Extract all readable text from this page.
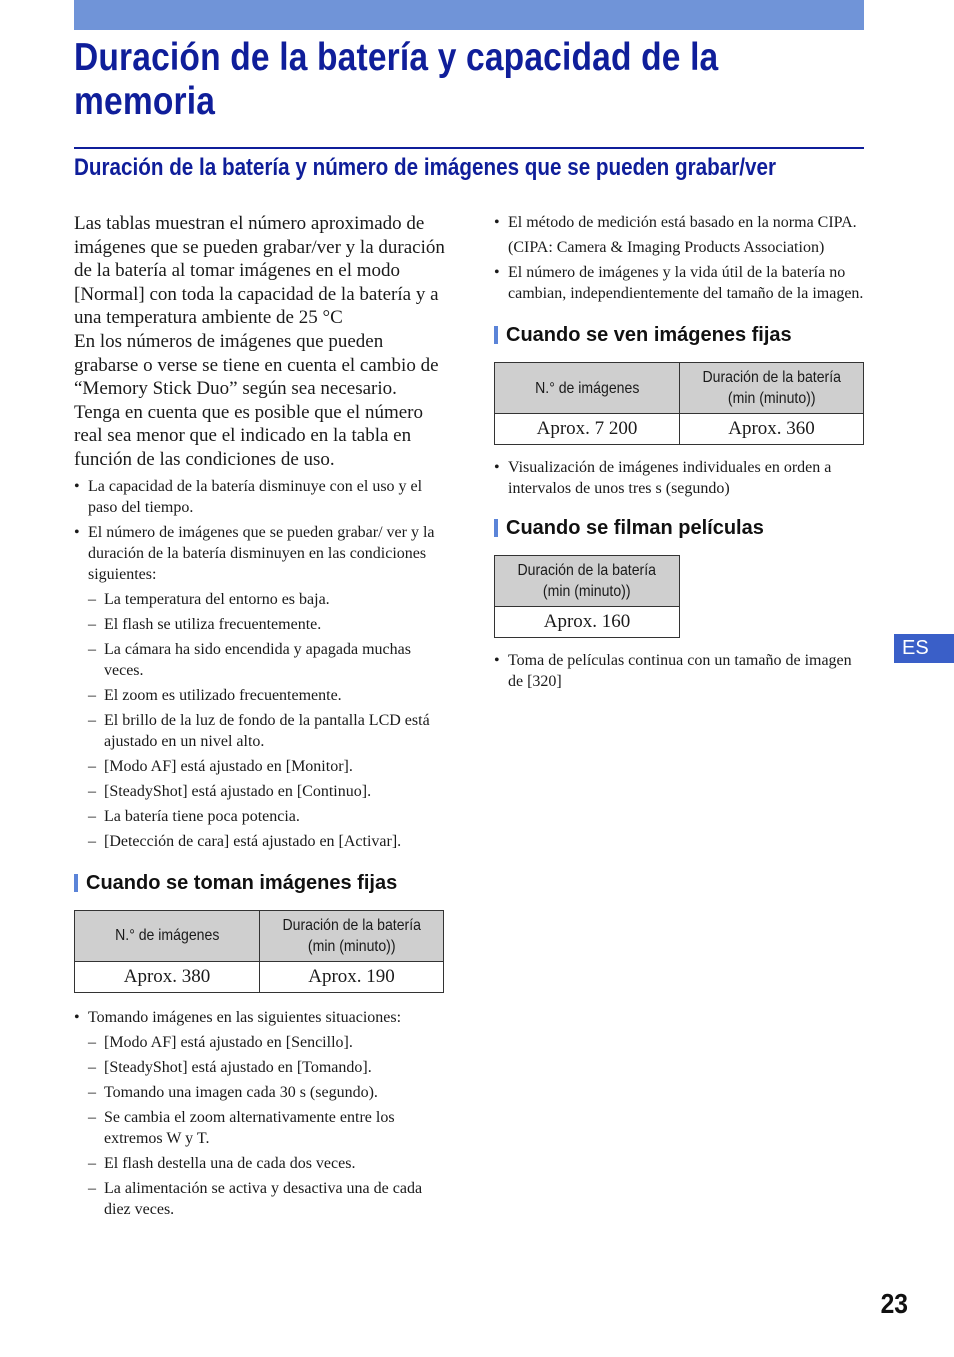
Duración de la batería y capacidad de la memoria
Duración de la batería y número de imágenes que se pueden grabar/ver

Las tablas muestran el número aproximado de imágenes que se pueden grabar/ver y la duración de la batería al tomar imágenes en el modo [Normal] con toda la capacidad de la batería y a una temperatura ambiente de 25 °C

En los números de imágenes que pueden grabarse o verse se tiene en cuenta el cambio de “Memory Stick Duo” según sea necesario.

Tenga en cuenta que es posible que el número real sea menor que el indicado en la tabla en función de las condiciones de uso.

• La capacidad de la batería disminuye con el uso y el paso del tiempo.
• El número de imágenes que se pueden grabar/ ver y la duración de la batería disminuyen en las condiciones siguientes:
– La temperatura del entorno es baja.
– El flash se utiliza frecuentemente.
– La cámara ha sido encendida y apagada muchas veces.
– El zoom es utilizado frecuentemente.
– El brillo de la luz de fondo de la pantalla LCD está ajustado en un nivel alto.
– [Modo AF] está ajustado en [Monitor].
– [SteadyShot] está ajustado en [Continuo].
– La batería tiene poca potencia.
– [Detección de cara] está ajustado en [Activar].
Cuando se toman imágenes fijas
N.° de imágenes	Duración de la batería
(min (minuto))
Aprox. 380	Aprox. 190
• Tomando imágenes en las siguientes situaciones:
– [Modo AF] está ajustado en [Sencillo].
– [SteadyShot] está ajustado en [Tomando].
– Tomando una imagen cada 30 s (segundo).
– Se cambia el zoom alternativamente entre los extremos W y T.
– El flash destella una de cada dos veces.
– La alimentación se activa y desactiva una de cada diez veces.
• El método de medición está basado en la norma CIPA.
(CIPA: Camera & Imaging Products Association)
• El número de imágenes y la vida útil de la batería no cambian, independientemente del tamaño de la imagen.
Cuando se ven imágenes fijas
N.° de imágenes	Duración de la batería
(min (minuto))
Aprox. 7 200	Aprox. 360
• Visualización de imágenes individuales en orden a intervalos de unos tres s (segundo)
Cuando se filman películas
Duración de la batería
(min (minuto))
Aprox. 160
• Toma de películas continua con un tamaño de imagen de [320]
ES
23
